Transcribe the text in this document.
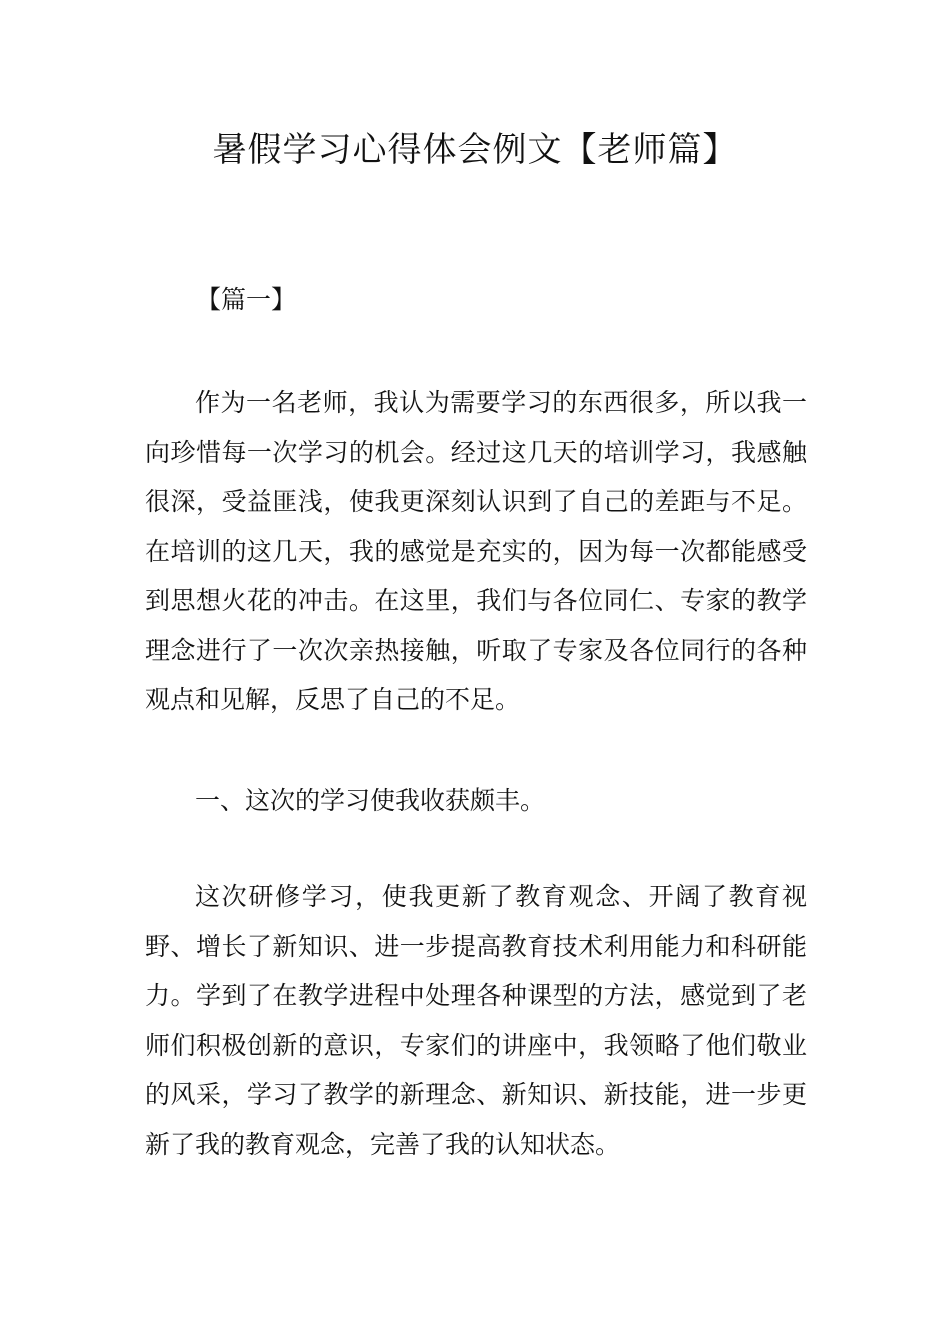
暑假学习心得体会例文【老师篇】
【篇一】

作为一名老师，我认为需要学习的东西很多，所以我一向珍惜每一次学习的机会。经过这几天的培训学习，我感触很深，受益匪浅，使我更深刻认识到了自己的差距与不足。在培训的这几天，我的感觉是充实的，因为每一次都能感受到思想火花的冲击。在这里，我们与各位同仁、专家的教学理念进行了一次次亲热接触，听取了专家及各位同行的各种观点和见解，反思了自己的不足。

一、这次的学习使我收获颇丰。

这次研修学习，使我更新了教育观念、开阔了教育视野、增长了新知识、进一步提高教育技术利用能力和科研能力。学到了在教学进程中处理各种课型的方法，感觉到了老师们积极创新的意识，专家们的讲座中，我领略了他们敬业的风采，学习了教学的新理念、新知识、新技能，进一步更新了我的教育观念，完善了我的认知状态。
